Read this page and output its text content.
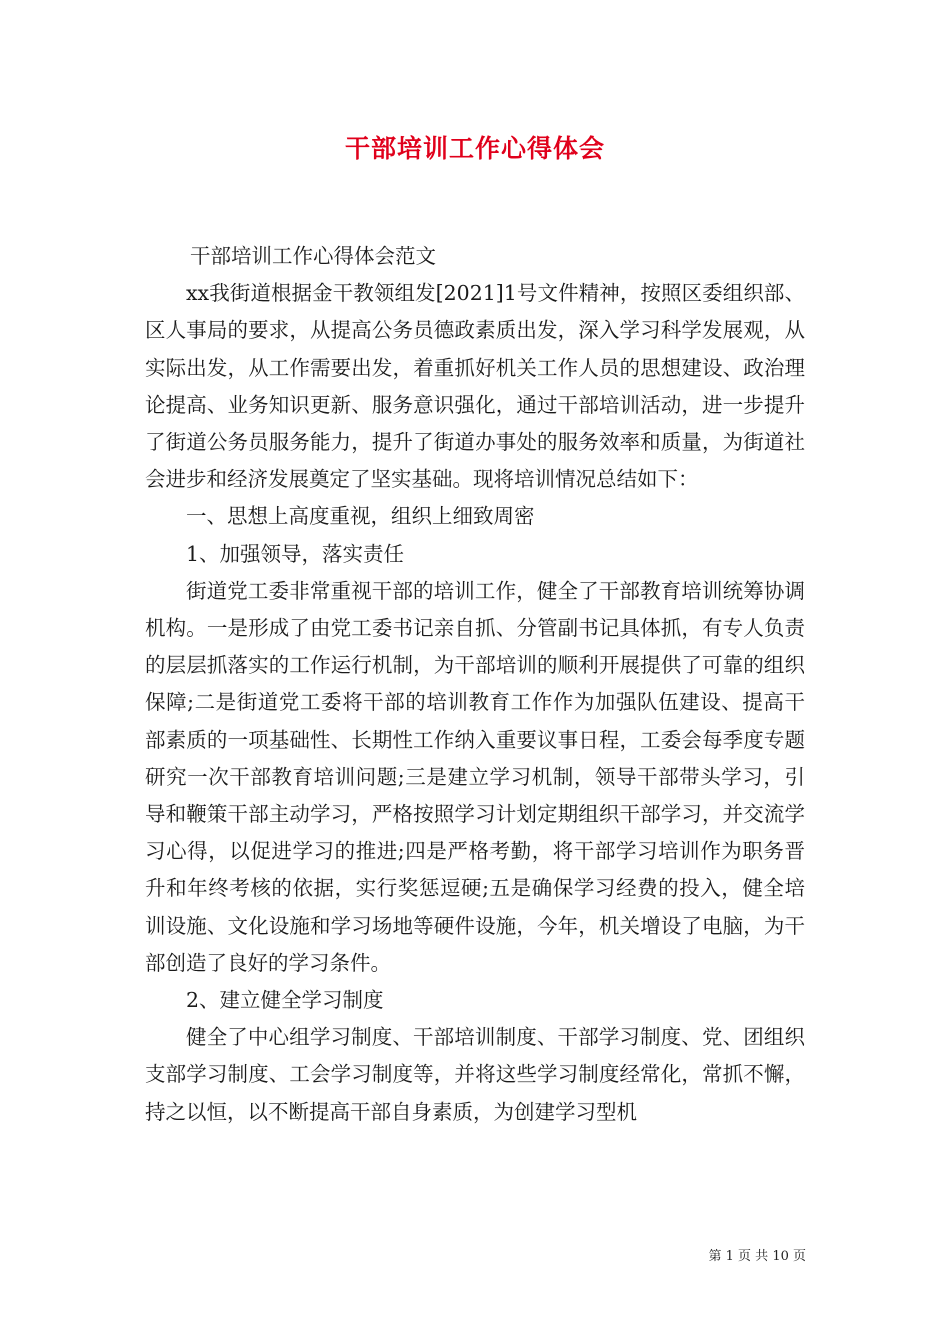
干部培训工作心得体会

干部培训工作心得体会范文

xx我街道根据金干教领组发[2021]1号文件精神，按照区委组织部、区人事局的要求，从提高公务员德政素质出发，深入学习科学发展观，从实际出发，从工作需要出发，着重抓好机关工作人员的思想建设、政治理论提高、业务知识更新、服务意识强化，通过干部培训活动，进一步提升了街道公务员服务能力，提升了街道办事处的服务效率和质量，为街道社会进步和经济发展奠定了坚实基础。现将培训情况总结如下：

一、思想上高度重视，组织上细致周密

1、加强领导，落实责任

街道党工委非常重视干部的培训工作，健全了干部教育培训统筹协调机构。一是形成了由党工委书记亲自抓、分管副书记具体抓，有专人负责的层层抓落实的工作运行机制，为干部培训的顺利开展提供了可靠的组织保障;二是街道党工委将干部的培训教育工作作为加强队伍建设、提高干部素质的一项基础性、长期性工作纳入重要议事日程，工委会每季度专题研究一次干部教育培训问题;三是建立学习机制，领导干部带头学习，引导和鞭策干部主动学习，严格按照学习计划定期组织干部学习，并交流学习心得，以促进学习的推进;四是严格考勤，将干部学习培训作为职务晋升和年终考核的依据，实行奖惩逗硬;五是确保学习经费的投入，健全培训设施、文化设施和学习场地等硬件设施，今年，机关增设了电脑，为干部创造了良好的学习条件。

2、建立健全学习制度

健全了中心组学习制度、干部培训制度、干部学习制度、党、团组织支部学习制度、工会学习制度等，并将这些学习制度经常化，常抓不懈，持之以恒，以不断提高干部自身素质，为创建学习型机

第 1 页 共 10 页
